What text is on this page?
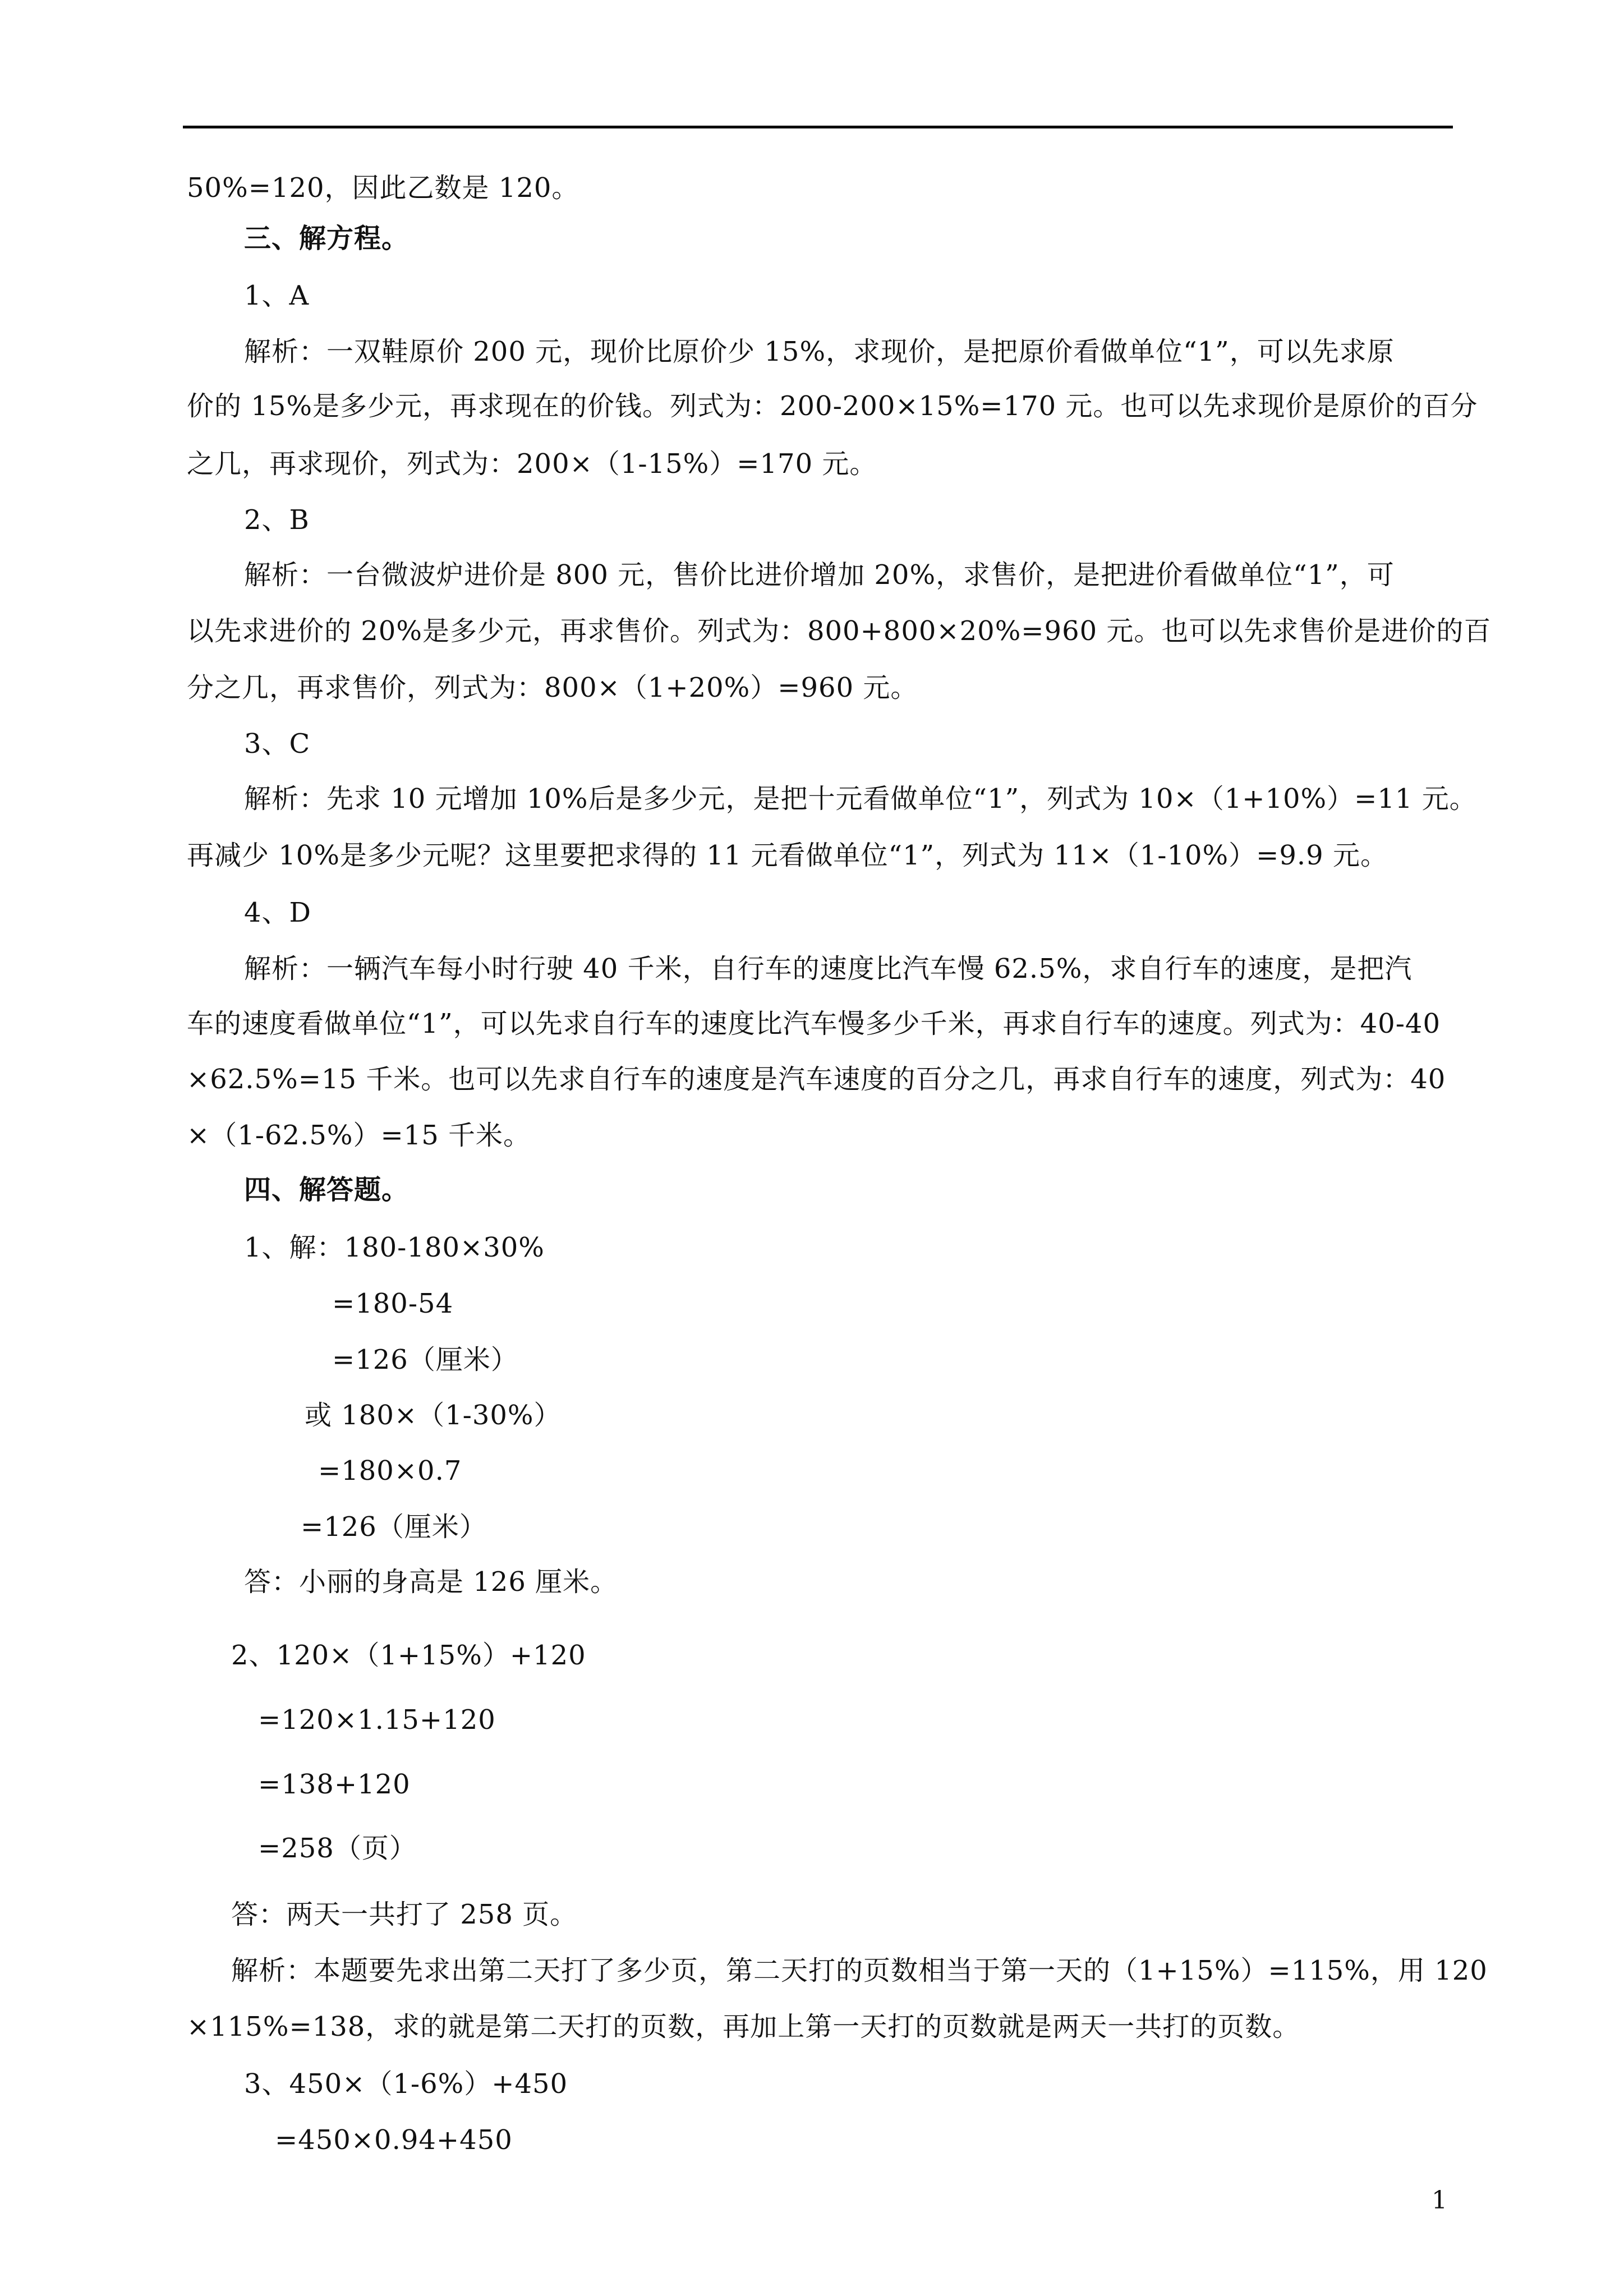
50%=120，因此乙数是 120。
三、解方程。
1、A
解析：一双鞋原价 200 元，现价比原价少 15%，求现价，是把原价看做单位“1”，可以先求原
价的 15%是多少元，再求现在的价钱。列式为：200-200×15%=170 元。也可以先求现价是原价的百分
之几，再求现价，列式为：200×（1-15%）=170 元。
2、B
解析：一台微波炉进价是 800 元，售价比进价增加 20%，求售价，是把进价看做单位“1”，可
以先求进价的 20%是多少元，再求售价。列式为：800+800×20%=960 元。也可以先求售价是进价的百
分之几，再求售价，列式为：800×（1+20%）=960 元。
3、C
解析：先求 10 元增加 10%后是多少元，是把十元看做单位“1”，列式为 10×（1+10%）=11 元。
再减少 10%是多少元呢？这里要把求得的 11 元看做单位“1”，列式为 11×（1-10%）=9.9 元。
4、D
解析：一辆汽车每小时行驶 40 千米，自行车的速度比汽车慢 62.5%，求自行车的速度，是把汽
车的速度看做单位“1”，可以先求自行车的速度比汽车慢多少千米，再求自行车的速度。列式为：40-40
×62.5%=15 千米。也可以先求自行车的速度是汽车速度的百分之几，再求自行车的速度，列式为：40
×（1-62.5%）=15 千米。
四、解答题。
1、解：180-180×30%
=180-54
=126（厘米）
或 180×（1-30%）
=180×0.7
=126（厘米）
答：小丽的身高是 126 厘米。
2、120×（1+15%）+120
=120×1.15+120
=138+120
=258（页）
答：两天一共打了 258 页。
解析：本题要先求出第二天打了多少页，第二天打的页数相当于第一天的（1+15%）=115%，用 120
×115%=138，求的就是第二天打的页数，再加上第一天打的页数就是两天一共打的页数。
3、450×（1-6%）+450
=450×0.94+450
1
